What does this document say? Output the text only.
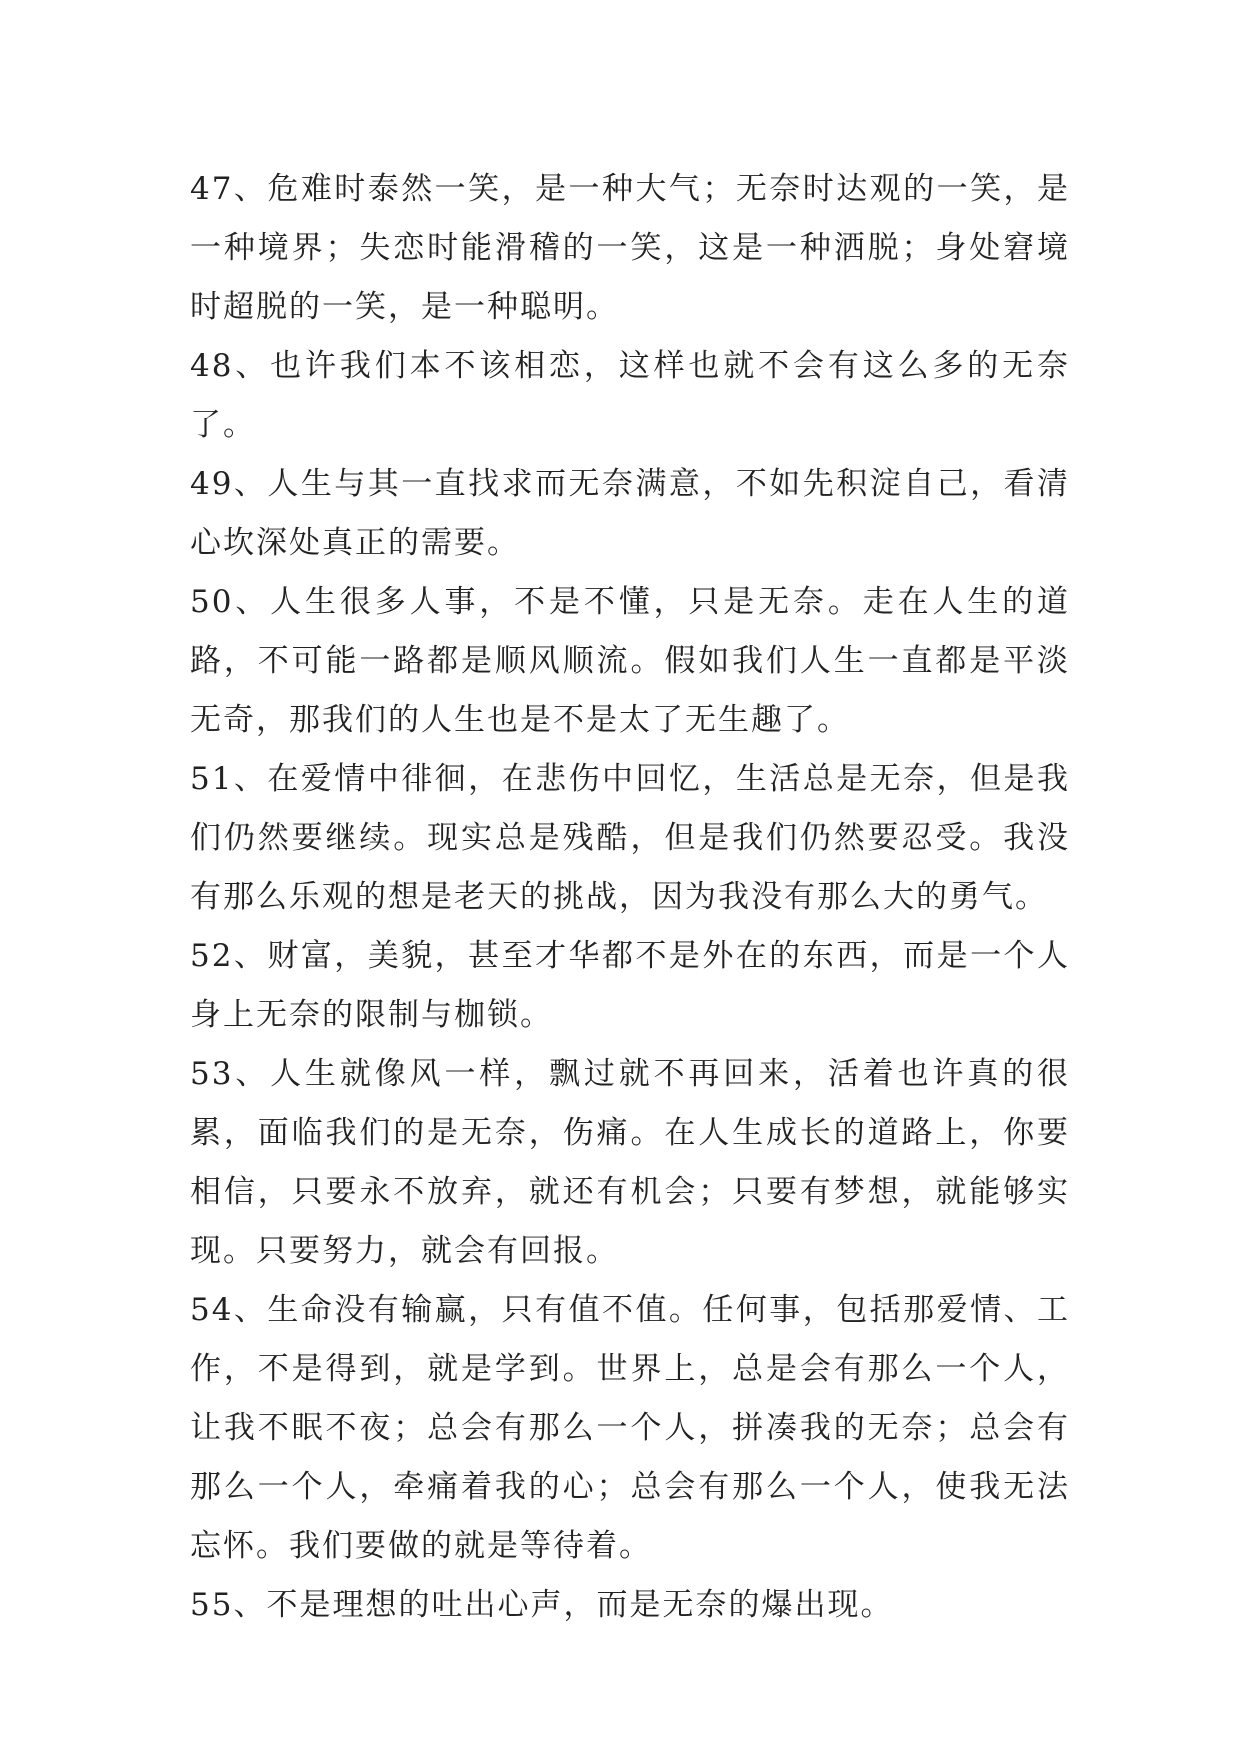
47、危难时泰然一笑，是一种大气；无奈时达观的一笑，是一种境界；失恋时能滑稽的一笑，这是一种洒脱；身处窘境时超脱的一笑，是一种聪明。

48、也许我们本不该相恋，这样也就不会有这么多的无奈了。

49、人生与其一直找求而无奈满意，不如先积淀自己，看清心坎深处真正的需要。

50、人生很多人事，不是不懂，只是无奈。走在人生的道路，不可能一路都是顺风顺流。假如我们人生一直都是平淡无奇，那我们的人生也是不是太了无生趣了。

51、在爱情中徘徊，在悲伤中回忆，生活总是无奈，但是我们仍然要继续。现实总是残酷，但是我们仍然要忍受。我没有那么乐观的想是老天的挑战，因为我没有那么大的勇气。

52、财富，美貌，甚至才华都不是外在的东西，而是一个人身上无奈的限制与枷锁。

53、人生就像风一样，飘过就不再回来，活着也许真的很累，面临我们的是无奈，伤痛。在人生成长的道路上，你要相信，只要永不放弃，就还有机会；只要有梦想，就能够实现。只要努力，就会有回报。

54、生命没有输赢，只有值不值。任何事，包括那爱情、工作，不是得到，就是学到。世界上，总是会有那么一个人，让我不眠不夜；总会有那么一个人，拼凑我的无奈；总会有那么一个人，牵痛着我的心；总会有那么一个人，使我无法忘怀。我们要做的就是等待着。

55、不是理想的吐出心声，而是无奈的爆出现。
